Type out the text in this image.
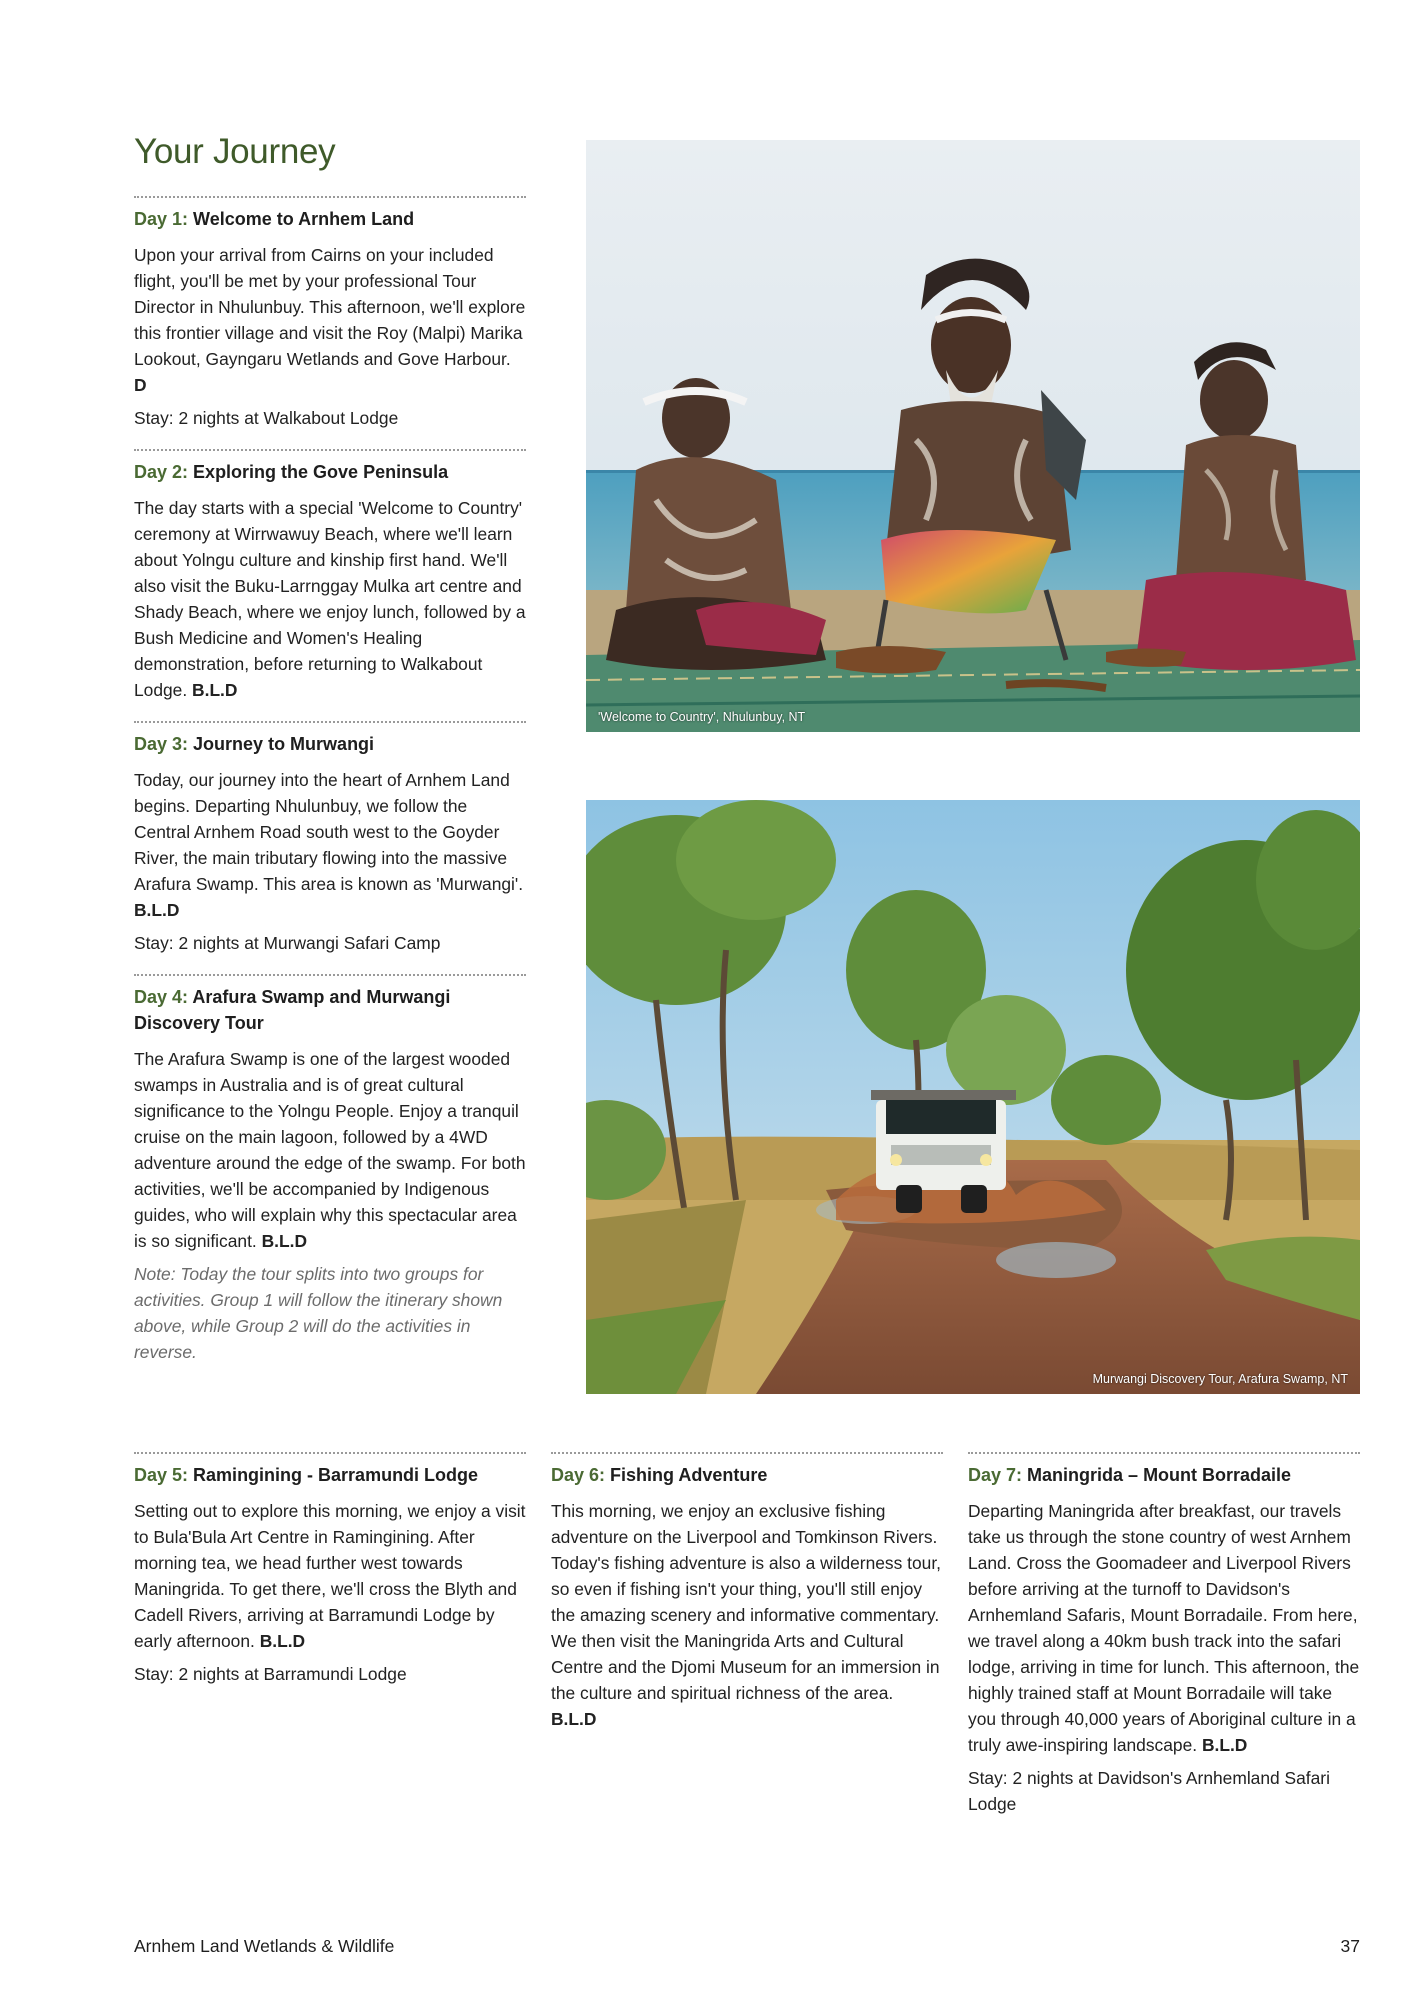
Your Journey
Day 1: Welcome to Arnhem Land

Upon your arrival from Cairns on your included flight, you'll be met by your professional Tour Director in Nhulunbuy. This afternoon, we'll explore this frontier village and visit the Roy (Malpi) Marika Lookout, Gayngaru Wetlands and Gove Harbour. D

Stay: 2 nights at Walkabout Lodge

Day 2: Exploring the Gove Peninsula

The day starts with a special 'Welcome to Country' ceremony at Wirrwawuy Beach, where we'll learn about Yolngu culture and kinship first hand. We'll also visit the Buku-Larrnggay Mulka art centre and Shady Beach, where we enjoy lunch, followed by a Bush Medicine and Women's Healing demonstration, before returning to Walkabout Lodge. B.L.D

Day 3: Journey to Murwangi

Today, our journey into the heart of Arnhem Land begins. Departing Nhulunbuy, we follow the Central Arnhem Road south west to the Goyder River, the main tributary flowing into the massive Arafura Swamp. This area is known as 'Murwangi'. B.L.D

Stay: 2 nights at Murwangi Safari Camp

Day 4: Arafura Swamp and Murwangi Discovery Tour

The Arafura Swamp is one of the largest wooded swamps in Australia and is of great cultural significance to the Yolngu People. Enjoy a tranquil cruise on the main lagoon, followed by a 4WD adventure around the edge of the swamp. For both activities, we'll be accompanied by Indigenous guides, who will explain why this spectacular area is so significant. B.L.D

Note: Today the tour splits into two groups for activities. Group 1 will follow the itinerary shown above, while Group 2 will do the activities in reverse.

'Welcome to Country', Nhulunbuy, NT
Murwangi Discovery Tour, Arafura Swamp, NT
Day 5: Ramingining - Barramundi Lodge

Setting out to explore this morning, we enjoy a visit to Bula'Bula Art Centre in Ramingining. After morning tea, we head further west towards Maningrida. To get there, we'll cross the Blyth and Cadell Rivers, arriving at Barramundi Lodge by early afternoon. B.L.D

Stay: 2 nights at Barramundi Lodge

Day 6: Fishing Adventure

This morning, we enjoy an exclusive fishing adventure on the Liverpool and Tomkinson Rivers. Today's fishing adventure is also a wilderness tour, so even if fishing isn't your thing, you'll still enjoy the amazing scenery and informative commentary. We then visit the Maningrida Arts and Cultural Centre and the Djomi Museum for an immersion in the culture and spiritual richness of the area. B.L.D

Day 7: Maningrida – Mount Borradaile

Departing Maningrida after breakfast, our travels take us through the stone country of west Arnhem Land. Cross the Goomadeer and Liverpool Rivers before arriving at the turnoff to Davidson's Arnhemland Safaris, Mount Borradaile. From here, we travel along a 40km bush track into the safari lodge, arriving in time for lunch. This afternoon, the highly trained staff at Mount Borradaile will take you through 40,000 years of Aboriginal culture in a truly awe-inspiring landscape. B.L.D

Stay: 2 nights at Davidson's Arnhemland Safari Lodge

Arnhem Land Wetlands & Wildlife	37
